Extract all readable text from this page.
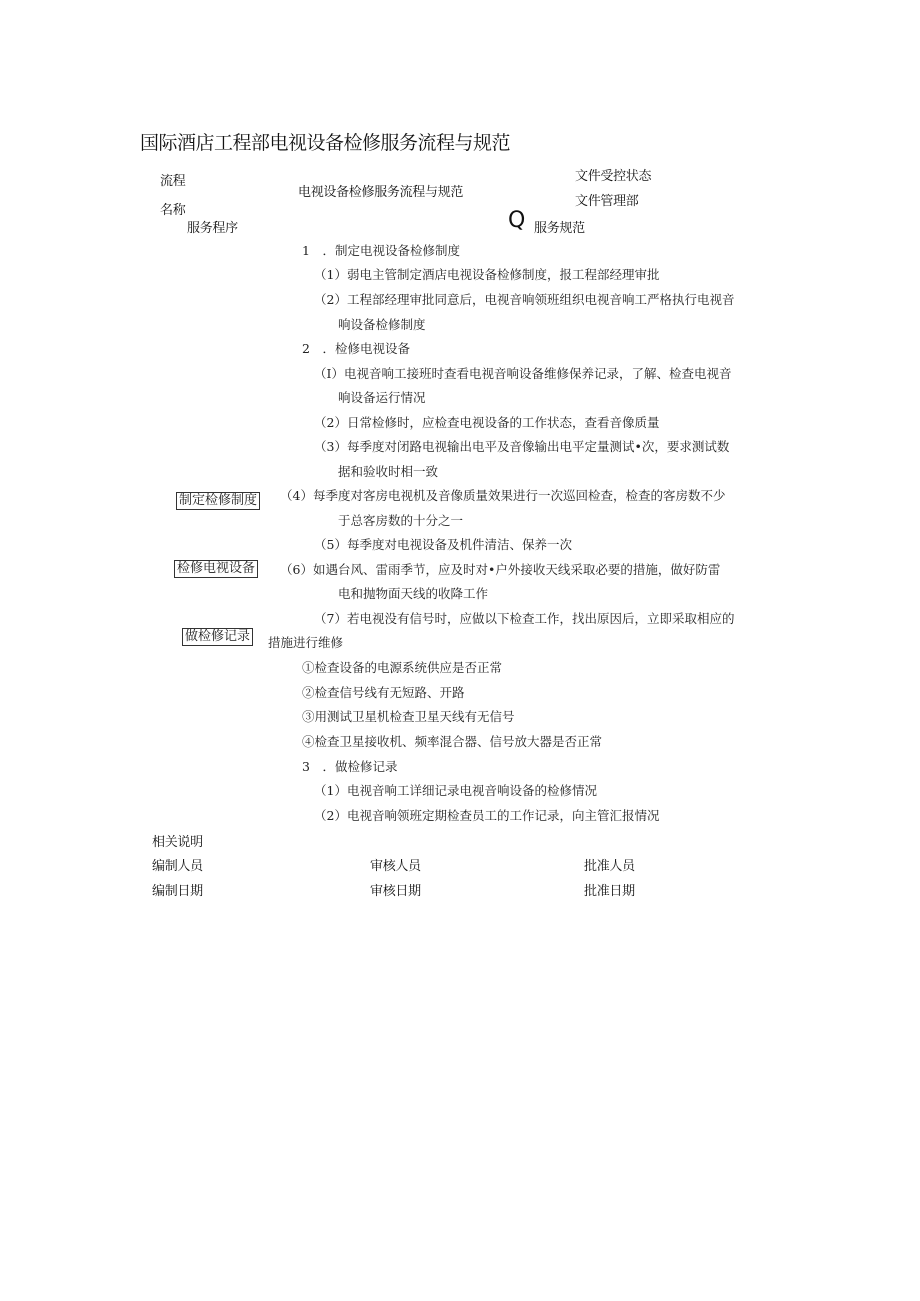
国际酒店工程部电视设备检修服务流程与规范
流程
名称
电视设备检修服务流程与规范
文件受控状态
文件管理部
服务程序	Q 服务规范
制定检修制度
检修电视设备
做检修记录
1　．制定电视设备检修制度
（1）弱电主管制定酒店电视设备检修制度，报工程部经理审批
（2）工程部经理审批同意后，电视音响领班组织电视音响工严格执行电视音
响设备检修制度
2　．检修电视设备
（I）电视音响工接班时查看电视音响设备维修保养记录，了解、检查电视音
响设备运行情况
（2）日常检修时，应检查电视设备的工作状态，查看音像质量
（3）每季度对闭路电视输出电平及音像输出电平定量测试•次，要求测试数
据和验收时相一致
（4）每季度对客房电视机及音像质量效果进行一次巡回检查，检查的客房数不少
于总客房数的十分之一
（5）每季度对电视设备及机件清洁、保养一次
（6）如遇台风、雷雨季节，应及时对•户外接收天线采取必要的措施，做好防雷
电和抛物面天线的收降工作
（7）若电视没有信号时，应做以下检查工作，找出原因后，立即采取相应的
措施进行维修
①检查设备的电源系统供应是否正常
②检查信号线有无短路、开路
③用测试卫星机检查卫星天线有无信号
④检查卫星接收机、频率混合器、信号放大器是否正常
3　．做检修记录
（1）电视音响工详细记录电视音响设备的检修情况
（2）电视音响领班定期检查员工的工作记录，向主管汇报情况
相关说明
编制人员	审核人员	批准人员
编制日期	审核日期	批准日期
